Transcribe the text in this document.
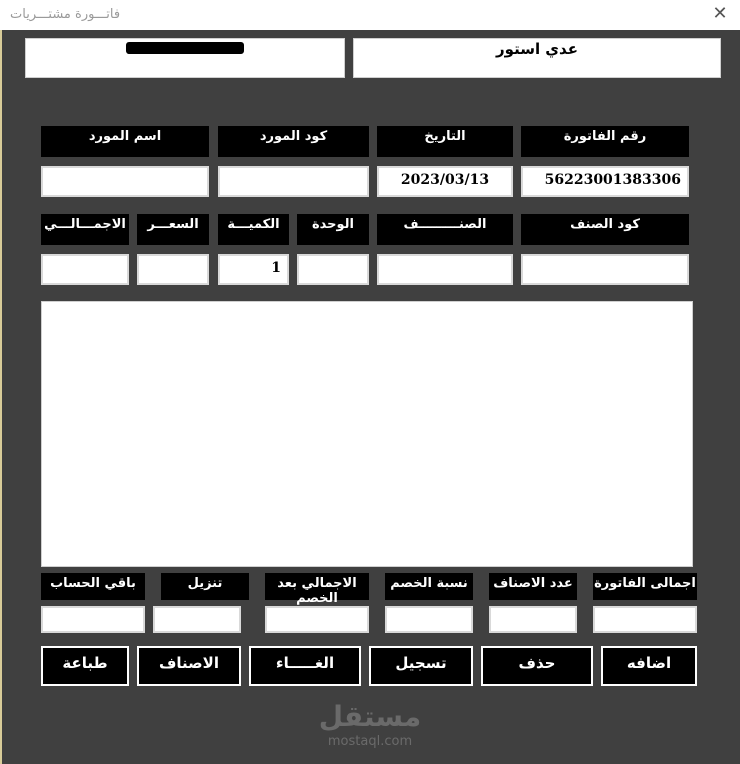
فاتـــورة مشتـــريات	✕
عدي استور
رقم الفاتورة
التاريخ
كود المورد
اسم المورد
56223001383306
2023/03/13
كود الصنف
الصنـــــــــف
الوحدة
الكميـــة
السعـــر
الاجمـــالـــي
1
اجمالى الفاتورة
عدد الاصناف
نسبة الخصم
الاجمالي بعد الخصم
تنزيل
باقي الحساب
اضافه
حذف
تسجيل
الغـــــاء
الاصناف
طباعة
مستقل
mostaql.com
